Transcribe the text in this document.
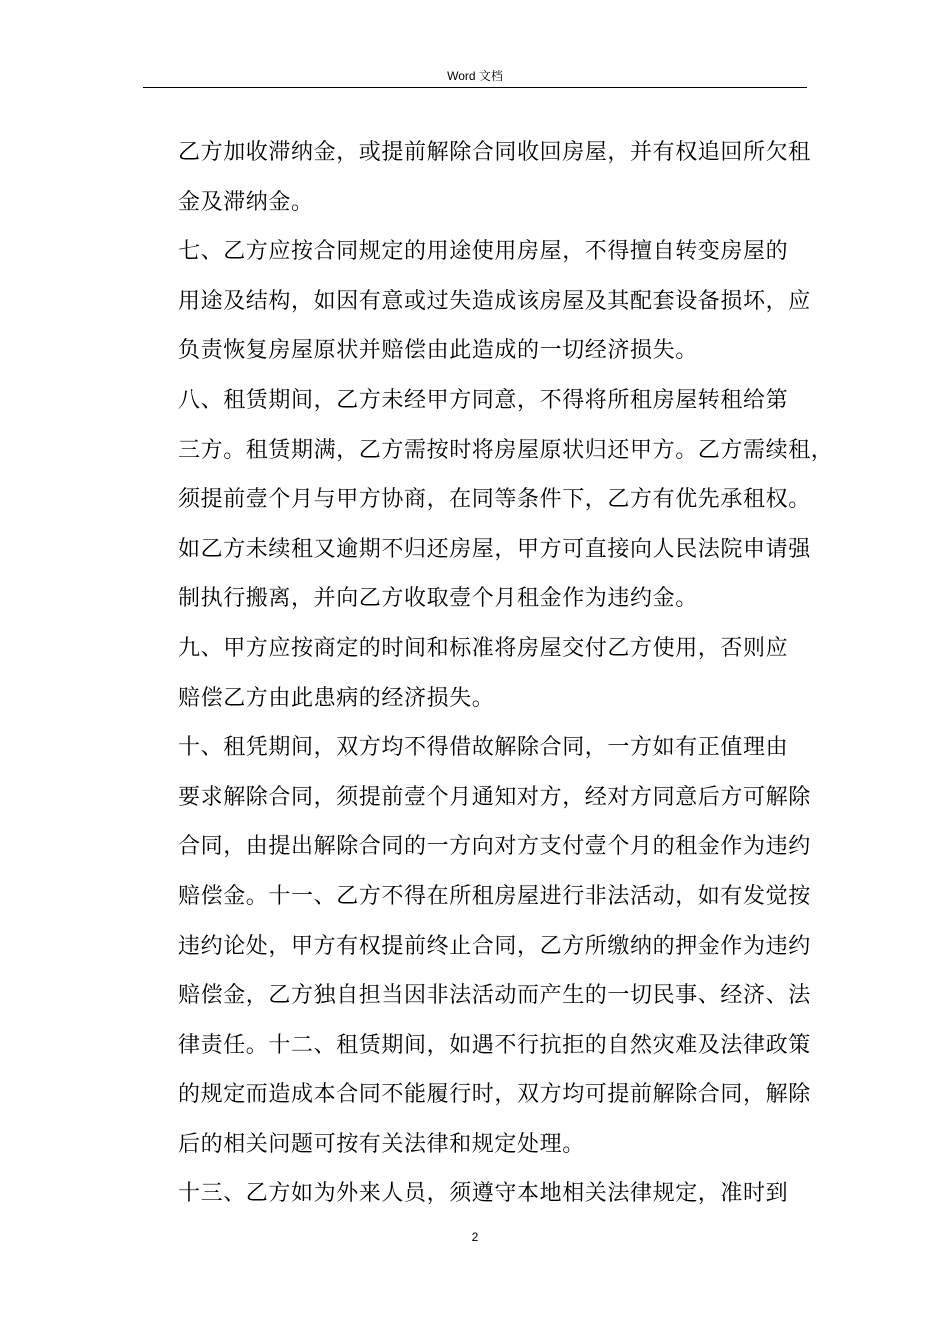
Word 文档
乙方加收滞纳金，或提前解除合同收回房屋，并有权追回所欠租
金及滞纳金。
七、乙方应按合同规定的用途使用房屋，不得擅自转变房屋的
用途及结构，如因有意或过失造成该房屋及其配套设备损坏，应
负责恢复房屋原状并赔偿由此造成的一切经济损失。
八、租赁期间，乙方未经甲方同意，不得将所租房屋转租给第
三方。租赁期满，乙方需按时将房屋原状归还甲方。乙方需续租，
须提前壹个月与甲方协商，在同等条件下，乙方有优先承租权。
如乙方未续租又逾期不归还房屋，甲方可直接向人民法院申请强
制执行搬离，并向乙方收取壹个月租金作为违约金。
九、甲方应按商定的时间和标准将房屋交付乙方使用，否则应
赔偿乙方由此患病的经济损失。
十、租凭期间，双方均不得借故解除合同，一方如有正值理由
要求解除合同，须提前壹个月通知对方，经对方同意后方可解除
合同，由提出解除合同的一方向对方支付壹个月的租金作为违约
赔偿金。十一、乙方不得在所租房屋进行非法活动，如有发觉按
违约论处，甲方有权提前终止合同，乙方所缴纳的押金作为违约
赔偿金，乙方独自担当因非法活动而产生的一切民事、经济、法
律责任。十二、租赁期间，如遇不行抗拒的自然灾难及法律政策
的规定而造成本合同不能履行时，双方均可提前解除合同，解除
后的相关问题可按有关法律和规定处理。
十三、乙方如为外来人员，须遵守本地相关法律规定，准时到
2
